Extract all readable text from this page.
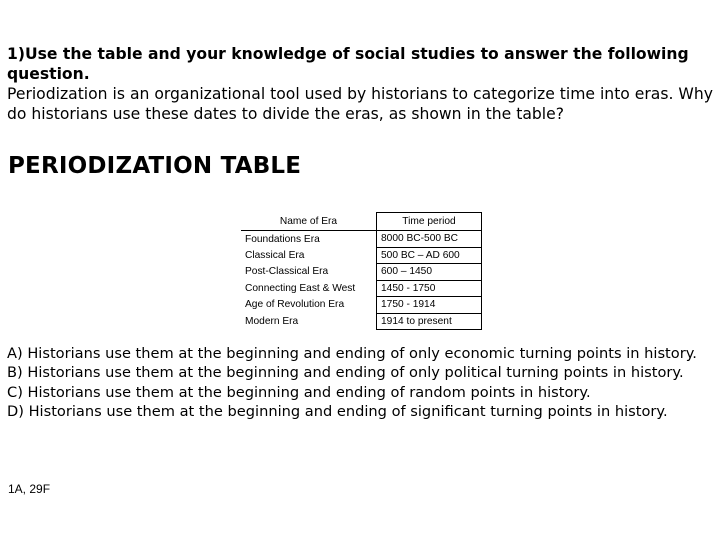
1)Use the table and your knowledge of social studies to answer the following question.
Periodization is an organizational tool used by historians to categorize time into eras. Why do historians use these dates to divide the eras, as shown in the table?
PERIODIZATION TABLE
Name of Era	Time period
Foundations Era	8000 BC-500 BC
Classical Era	500 BC – AD 600
Post-Classical Era	600 – 1450
Connecting East & West	1450 - 1750
Age of Revolution Era	1750 - 1914
Modern Era	1914 to present
A) Historians use them at the beginning and ending of only economic turning points in history.
B) Historians use them at the beginning and ending of only political turning points in history.
C) Historians use them at the beginning and ending of random points in history.
D) Historians use them at the beginning and ending of significant turning points in history.
1A, 29F
